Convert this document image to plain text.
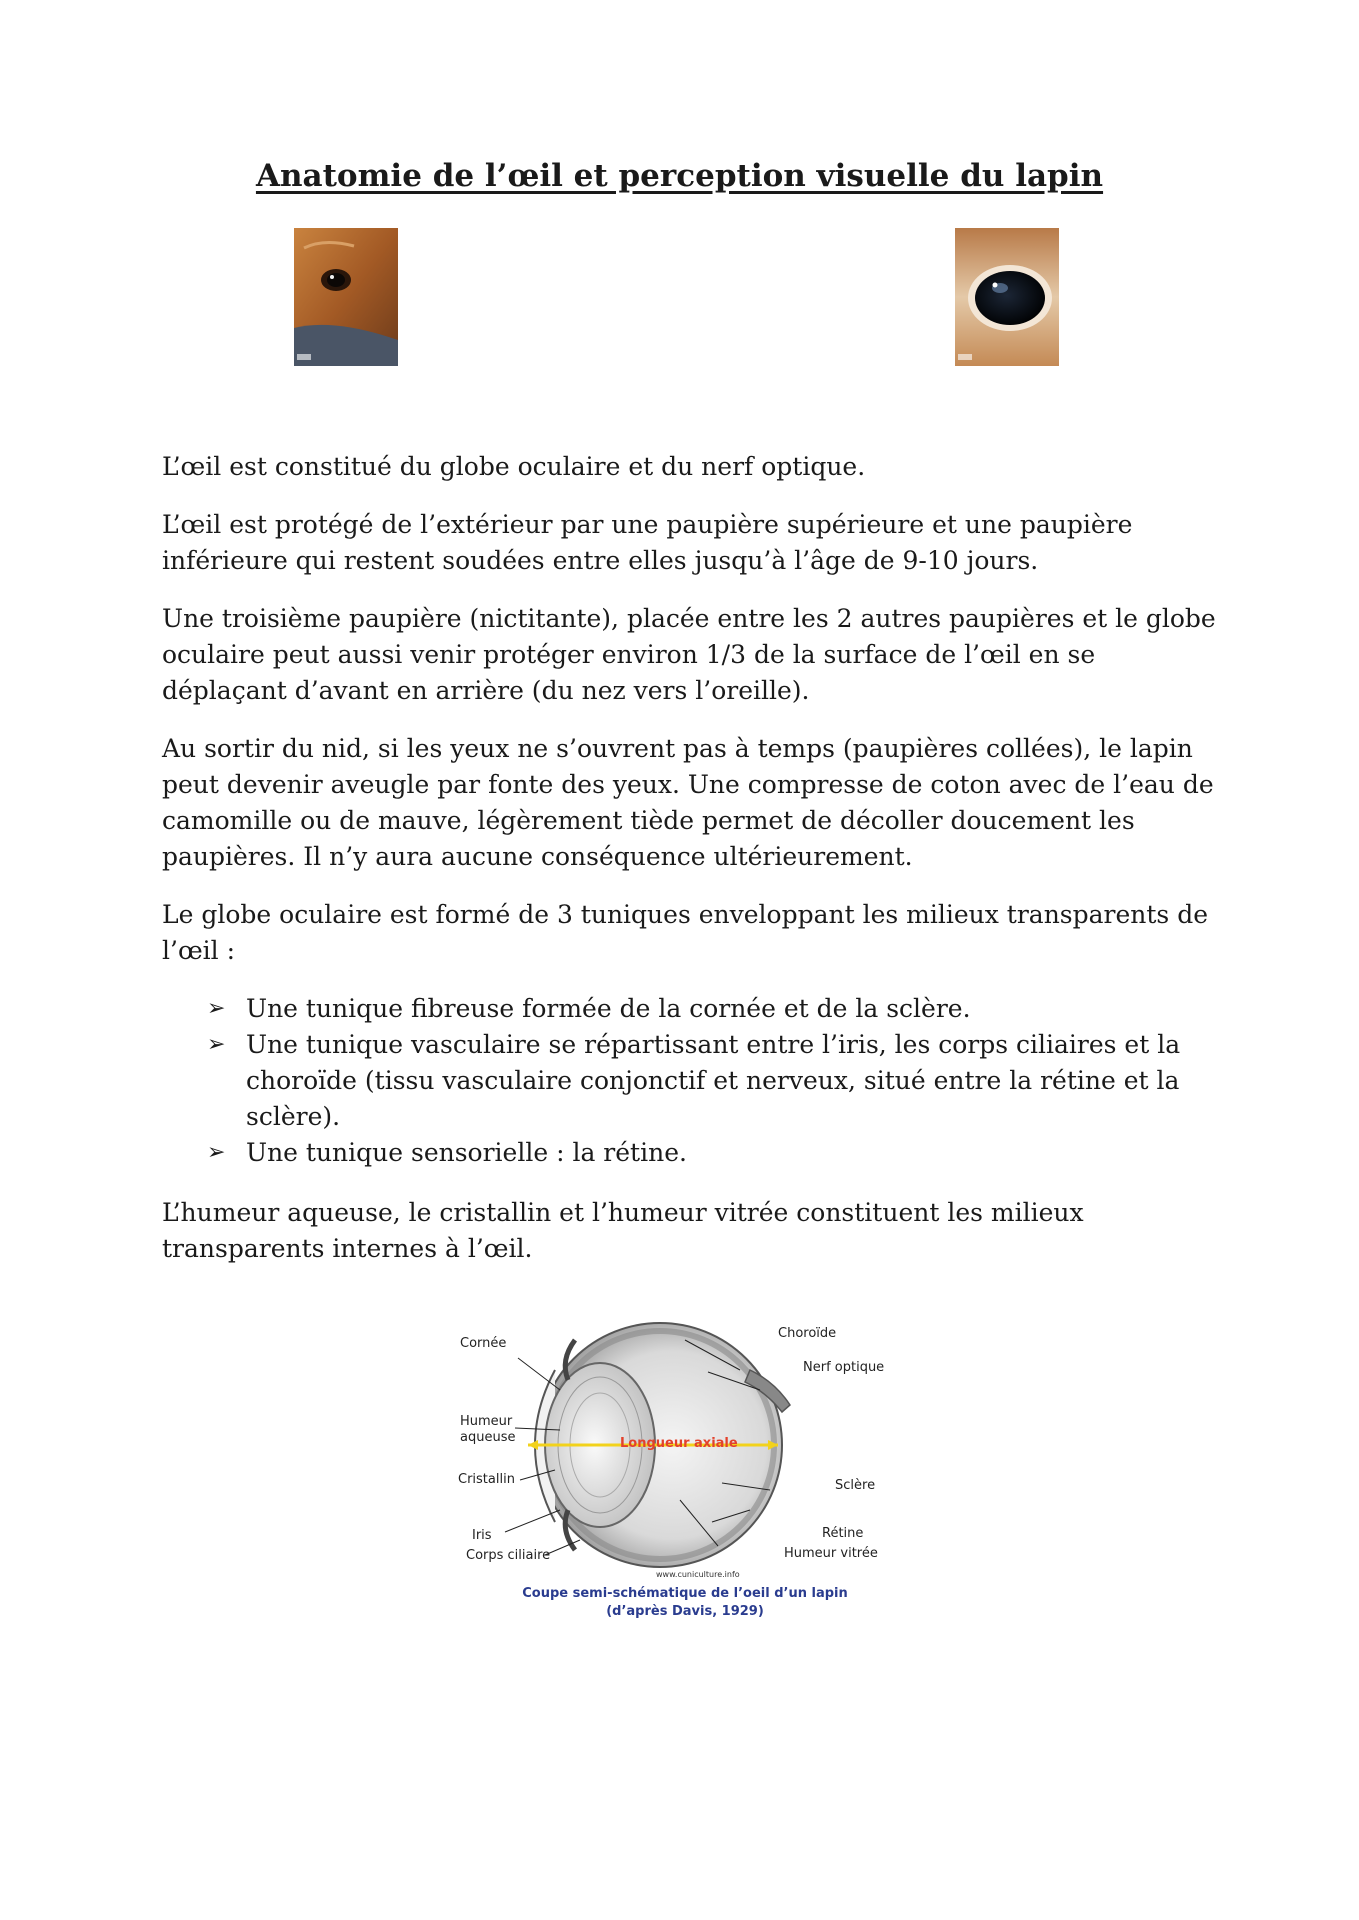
Anatomie de l’œil et perception visuelle du lapin

L’œil est constitué du globe oculaire et du nerf optique.

L’œil est protégé de l’extérieur par une paupière supérieure et une paupière inférieure qui restent soudées entre elles jusqu’à l’âge de 9-10 jours.

Une troisième paupière (nictitante), placée entre les 2 autres paupières et le globe oculaire peut aussi venir protéger environ 1/3 de la surface de l’œil en se déplaçant d’avant en arrière (du nez vers l’oreille).

Au sortir du nid, si les yeux ne s’ouvrent pas à temps (paupières collées), le lapin peut devenir aveugle par fonte des yeux. Une compresse de coton avec de l’eau de camomille ou de mauve, légèrement tiède permet de décoller doucement les paupières. Il n’y aura aucune conséquence ultérieurement.

Le globe oculaire est formé de 3 tuniques enveloppant les milieux transparents de l’œil :

➢ Une tunique fibreuse formée de la cornée et de la sclère.
➢ Une tunique vasculaire se répartissant entre l’iris, les corps ciliaires et la choroïde (tissu vasculaire conjonctif et nerveux, situé entre la rétine et la sclère).
➢ Une tunique sensorielle : la rétine.

L’humeur aqueuse, le cristallin et l’humeur vitrée constituent les milieux transparents internes à l’œil.

Cornée
Humeur
aqueuse
Cristallin
Iris
Corps ciliaire
Choroïde
Nerf optique
Sclère
Rétine
Humeur vitrée
Longueur axiale
www.cuniculture.info
Coupe semi-schématique de l’oeil d’un lapin
(d’après Davis, 1929)
